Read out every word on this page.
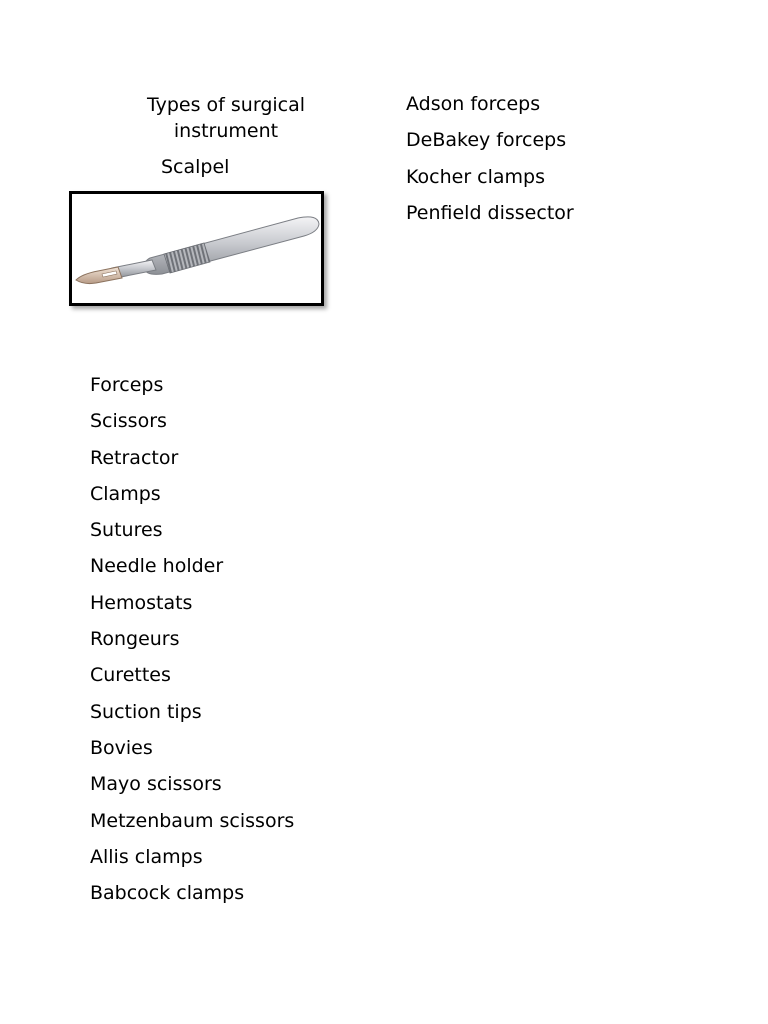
Types of surgical instrument
Scalpel
Adson forceps
DeBakey forceps
Kocher clamps
Penfield dissector
Forceps
Scissors
Retractor
Clamps
Sutures
Needle holder
Hemostats
Rongeurs
Curettes
Suction tips
Bovies
Mayo scissors
Metzenbaum scissors
Allis clamps
Babcock clamps
